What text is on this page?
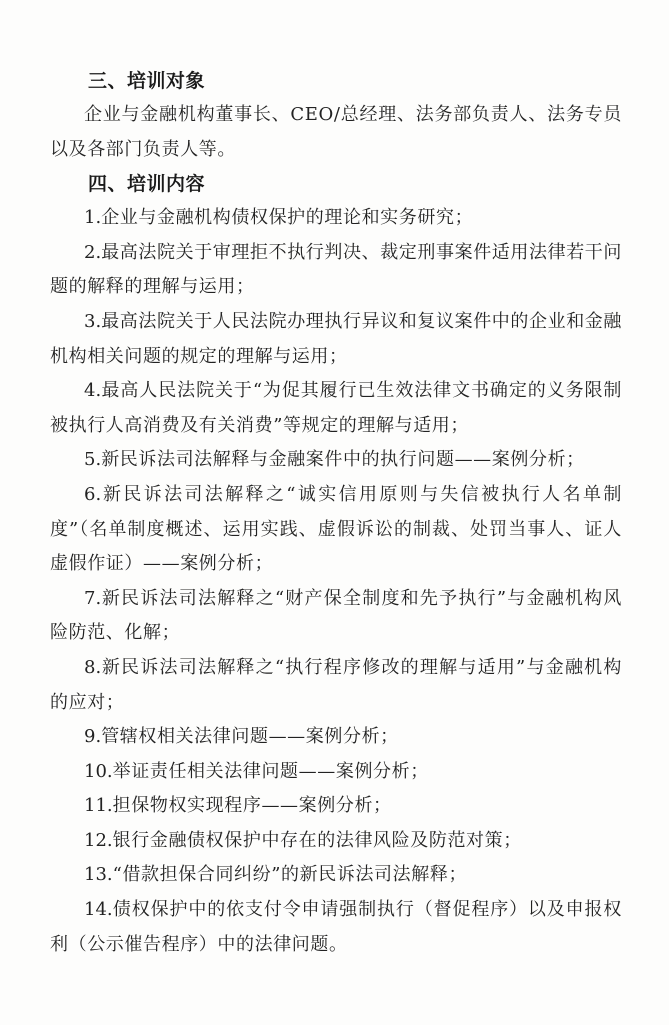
三、培训对象

企业与金融机构董事长、CEO/总经理、法务部负责人、法务专员以及各部门负责人等。

四、培训内容

1.企业与金融机构债权保护的理论和实务研究；

2.最高法院关于审理拒不执行判决、裁定刑事案件适用法律若干问题的解释的理解与运用；

3.最高法院关于人民法院办理执行异议和复议案件中的企业和金融机构相关问题的规定的理解与运用；

4.最高人民法院关于“为促其履行已生效法律文书确定的义务限制被执行人高消费及有关消费”等规定的理解与适用；

5.新民诉法司法解释与金融案件中的执行问题——案例分析；

6.新民诉法司法解释之“诚实信用原则与失信被执行人名单制度”（名单制度概述、运用实践、虚假诉讼的制裁、处罚当事人、证人虚假作证）——案例分析；

7.新民诉法司法解释之“财产保全制度和先予执行”与金融机构风险防范、化解；

8.新民诉法司法解释之“执行程序修改的理解与适用”与金融机构的应对；

9.管辖权相关法律问题——案例分析；

10.举证责任相关法律问题——案例分析；

11.担保物权实现程序——案例分析；

12.银行金融债权保护中存在的法律风险及防范对策；

13.“借款担保合同纠纷”的新民诉法司法解释；

14.债权保护中的依支付令申请强制执行（督促程序）以及申报权利（公示催告程序）中的法律问题。
